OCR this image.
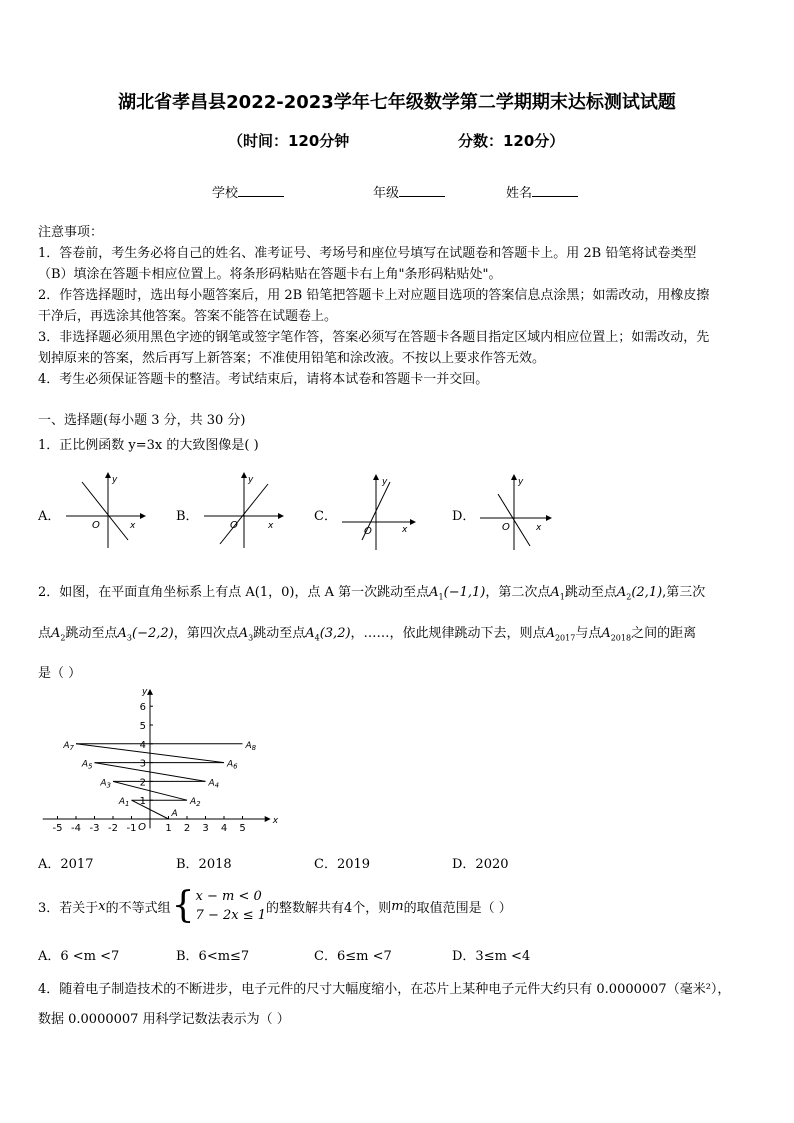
湖北省孝昌县2022-2023学年七年级数学第二学期期末达标测试试题
（时间：120分钟	分数：120分）
学校	年级	姓名
注意事项：
1．答卷前，考生务必将自己的姓名、准考证号、考场号和座位号填写在试题卷和答题卡上。用 2B 铅笔将试卷类型
（B）填涂在答题卡相应位置上。将条形码粘贴在答题卡右上角"条形码粘贴处"。
2．作答选择题时，选出每小题答案后，用 2B 铅笔把答题卡上对应题目选项的答案信息点涂黑；如需改动，用橡皮擦
干净后，再选涂其他答案。答案不能答在试题卷上。
3．非选择题必须用黑色字迹的钢笔或签字笔作答，答案必须写在答题卡各题目指定区域内相应位置上；如需改动，先
划掉原来的答案，然后再写上新答案；不准使用铅笔和涂改液。不按以上要求作答无效。
4．考生必须保证答题卡的整洁。考试结束后，请将本试卷和答题卡一并交回。
一、选择题(每小题 3 分，共 30 分)
1．正比例函数 y=3x 的大致图像是( )
A．
y
x
O
B．
y
x
O
C．
y
x
O
D．
y
x
O
2．如图，在平面直角坐标系上有点 A(1，0)，点 A 第一次跳动至点$A_1(-1,1)$，第二次点$A_1$跳动至点$A_2(2,1)$,第三次
点$A_2$跳动至点$A_3(-2,2)$，第四次点$A_3$跳动至点$A_4(3,2)$，……，依此规律跳动下去，则点$A_{2017}$与点$A_{2018}$之间的距离
是（ ）
y
x
O
-5 -4 -3 -2 -1	1 2 3 4 5
1
2
3
4
5
6
A
$A_1$	$A_2$
$A_3$	$A_4$
$A_5$	$A_6$
$A_7$	$A_8$
A．2017	B．2018	C．2019	D．2020
3．若关于 x 的不等式组 { x − m < 0
7 − 2x ≤ 1 的整数解共有4个，则 m 的取值范围是（ ）
A．6 <m <7	B．6<m≤7	C．6≤m <7	D．3≤m <4
4．随着电子制造技术的不断进步，电子元件的尺寸大幅度缩小，在芯片上某种电子元件大约只有 0.0000007（毫米²），
数据 0.0000007 用科学记数法表示为（ ）
